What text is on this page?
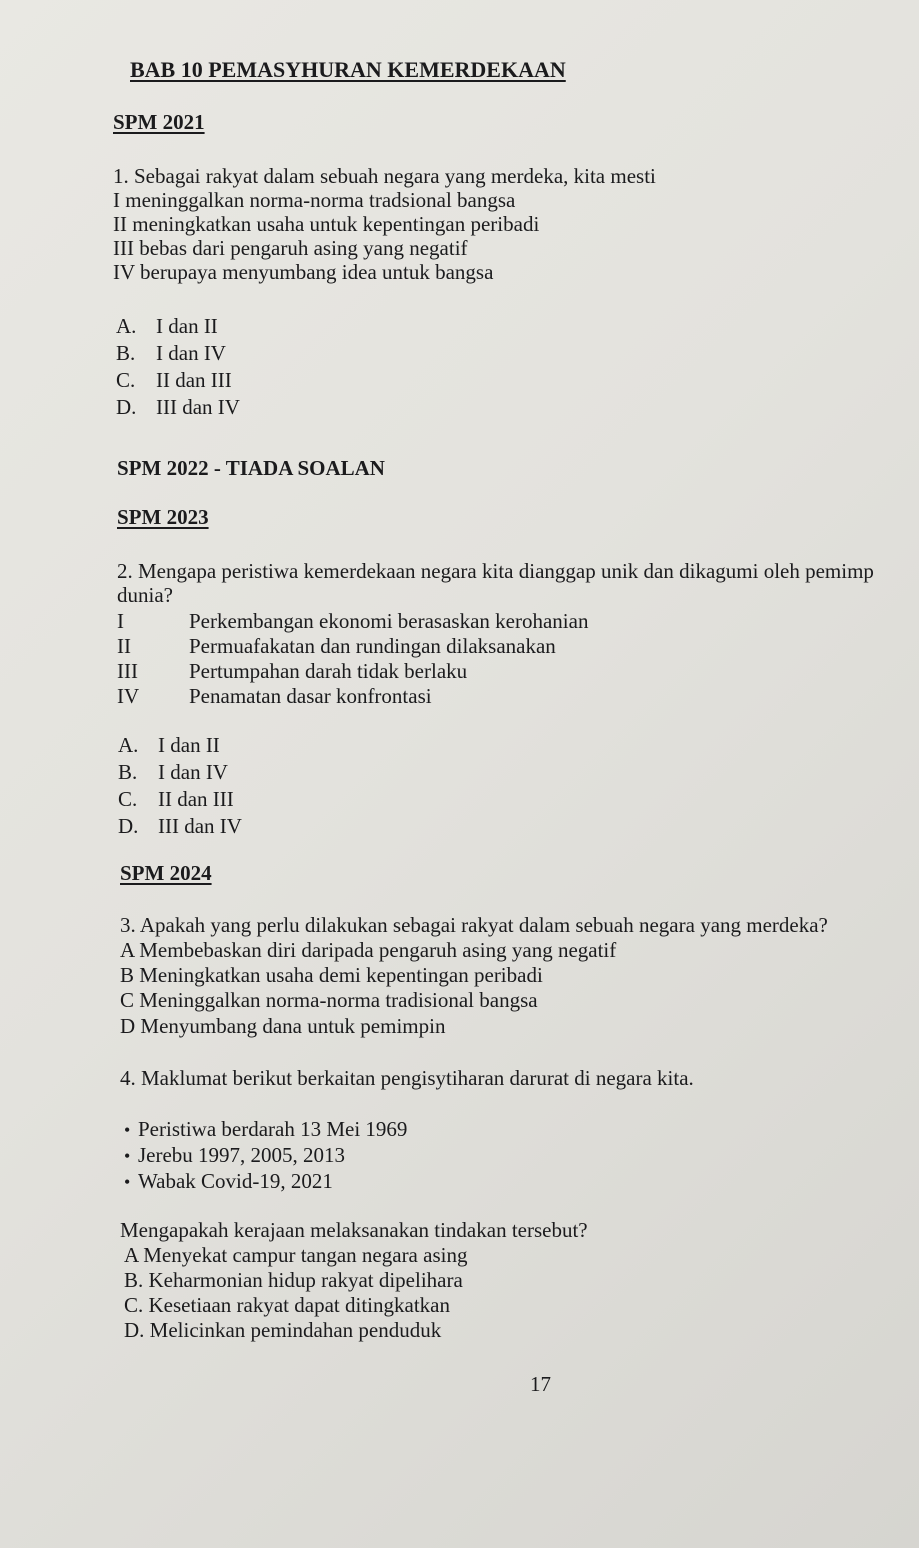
BAB 10 PEMASYHURAN KEMERDEKAAN
SPM 2021
1. Sebagai rakyat dalam sebuah negara yang merdeka, kita mesti
I meninggalkan norma-norma tradsional bangsa
II meningkatkan usaha untuk kepentingan peribadi
III bebas dari pengaruh asing yang negatif
IV berupaya menyumbang idea untuk bangsa
A. I dan II
B. I dan IV
C. II dan III
D. III dan IV
SPM 2022 - TIADA SOALAN
SPM 2023
2. Mengapa peristiwa kemerdekaan negara kita dianggap unik dan dikagumi oleh pemimp
dunia?
I	Perkembangan ekonomi berasaskan kerohanian
II	Permuafakatan dan rundingan dilaksanakan
III Pertumpahan darah tidak berlaku
IV Penamatan dasar konfrontasi
A. I dan II
B. I dan IV
C. II dan III
D. III dan IV
SPM 2024
3. Apakah yang perlu dilakukan sebagai rakyat dalam sebuah negara yang merdeka?
A Membebaskan diri daripada pengaruh asing yang negatif
B Meningkatkan usaha demi kepentingan peribadi
C Meninggalkan norma-norma tradisional bangsa
D Menyumbang dana untuk pemimpin
4. Maklumat berikut berkaitan pengisytiharan darurat di negara kita.
• Peristiwa berdarah 13 Mei 1969
• Jerebu 1997, 2005, 2013
• Wabak Covid-19, 2021
Mengapakah kerajaan melaksanakan tindakan tersebut?
A Menyekat campur tangan negara asing
B. Keharmonian hidup rakyat dipelihara
C. Kesetiaan rakyat dapat ditingkatkan
D. Melicinkan pemindahan penduduk
17
